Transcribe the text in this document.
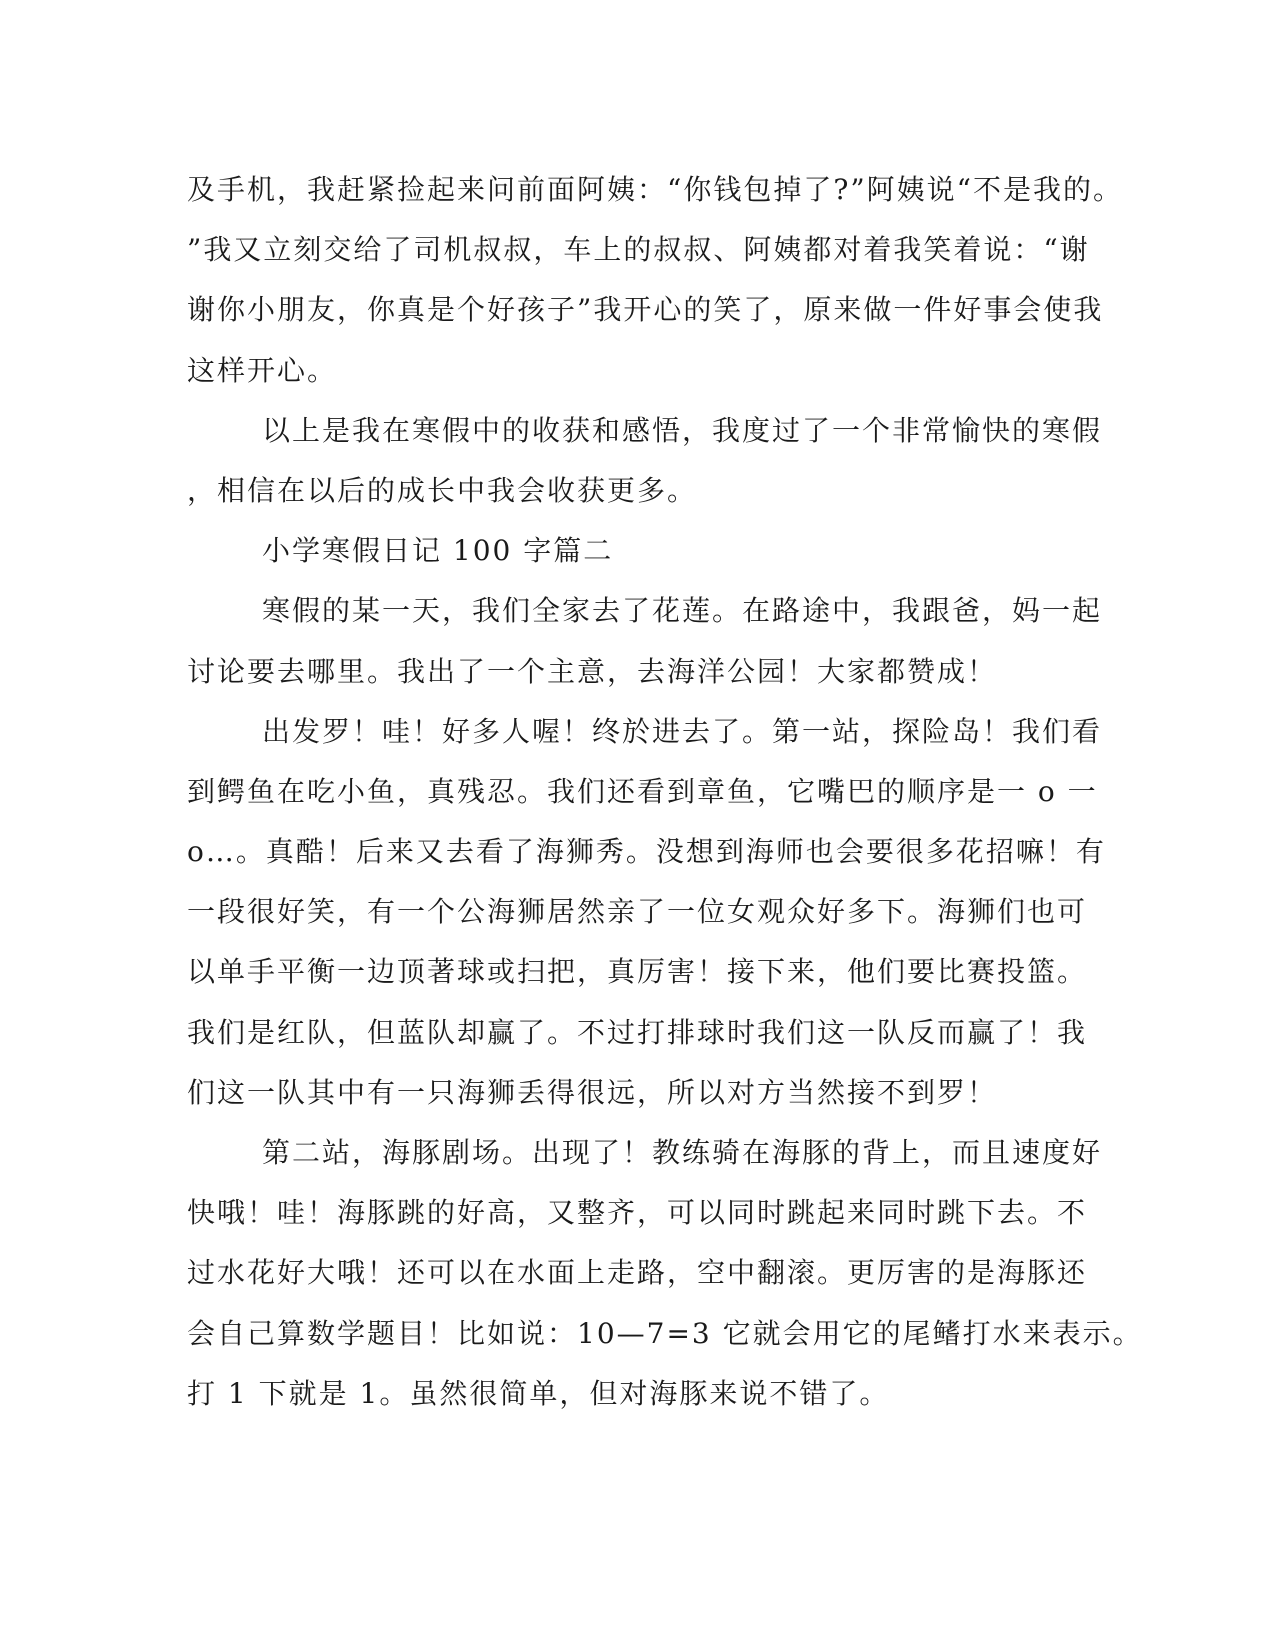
及手机，我赶紧捡起来问前面阿姨：“你钱包掉了?”阿姨说“不是我的。
”我又立刻交给了司机叔叔，车上的叔叔、阿姨都对着我笑着说：“谢
谢你小朋友，你真是个好孩子”我开心的笑了，原来做一件好事会使我
这样开心。
以上是我在寒假中的收获和感悟，我度过了一个非常愉快的寒假
，相信在以后的成长中我会收获更多。
小学寒假日记 100 字篇二
寒假的某一天，我们全家去了花莲。在路途中，我跟爸，妈一起
讨论要去哪里。我出了一个主意，去海洋公园！大家都赞成！
出发罗！哇！好多人喔！终於进去了。第一站，探险岛！我们看
到鳄鱼在吃小鱼，真残忍。我们还看到章鱼，它嘴巴的顺序是一 o 一
o…。真酷！后来又去看了海狮秀。没想到海师也会要很多花招嘛！有
一段很好笑，有一个公海狮居然亲了一位女观众好多下。海狮们也可
以单手平衡一边顶著球或扫把，真厉害！接下来，他们要比赛投篮。
我们是红队，但蓝队却赢了。不过打排球时我们这一队反而赢了！我
们这一队其中有一只海狮丢得很远，所以对方当然接不到罗！
第二站，海豚剧场。出现了！教练骑在海豚的背上，而且速度好
快哦！哇！海豚跳的好高，又整齐，可以同时跳起来同时跳下去。不
过水花好大哦！还可以在水面上走路，空中翻滚。更厉害的是海豚还
会自己算数学题目！比如说：10—7=3 它就会用它的尾鳍打水来表示。
打 1 下就是 1。虽然很简单，但对海豚来说不错了。
